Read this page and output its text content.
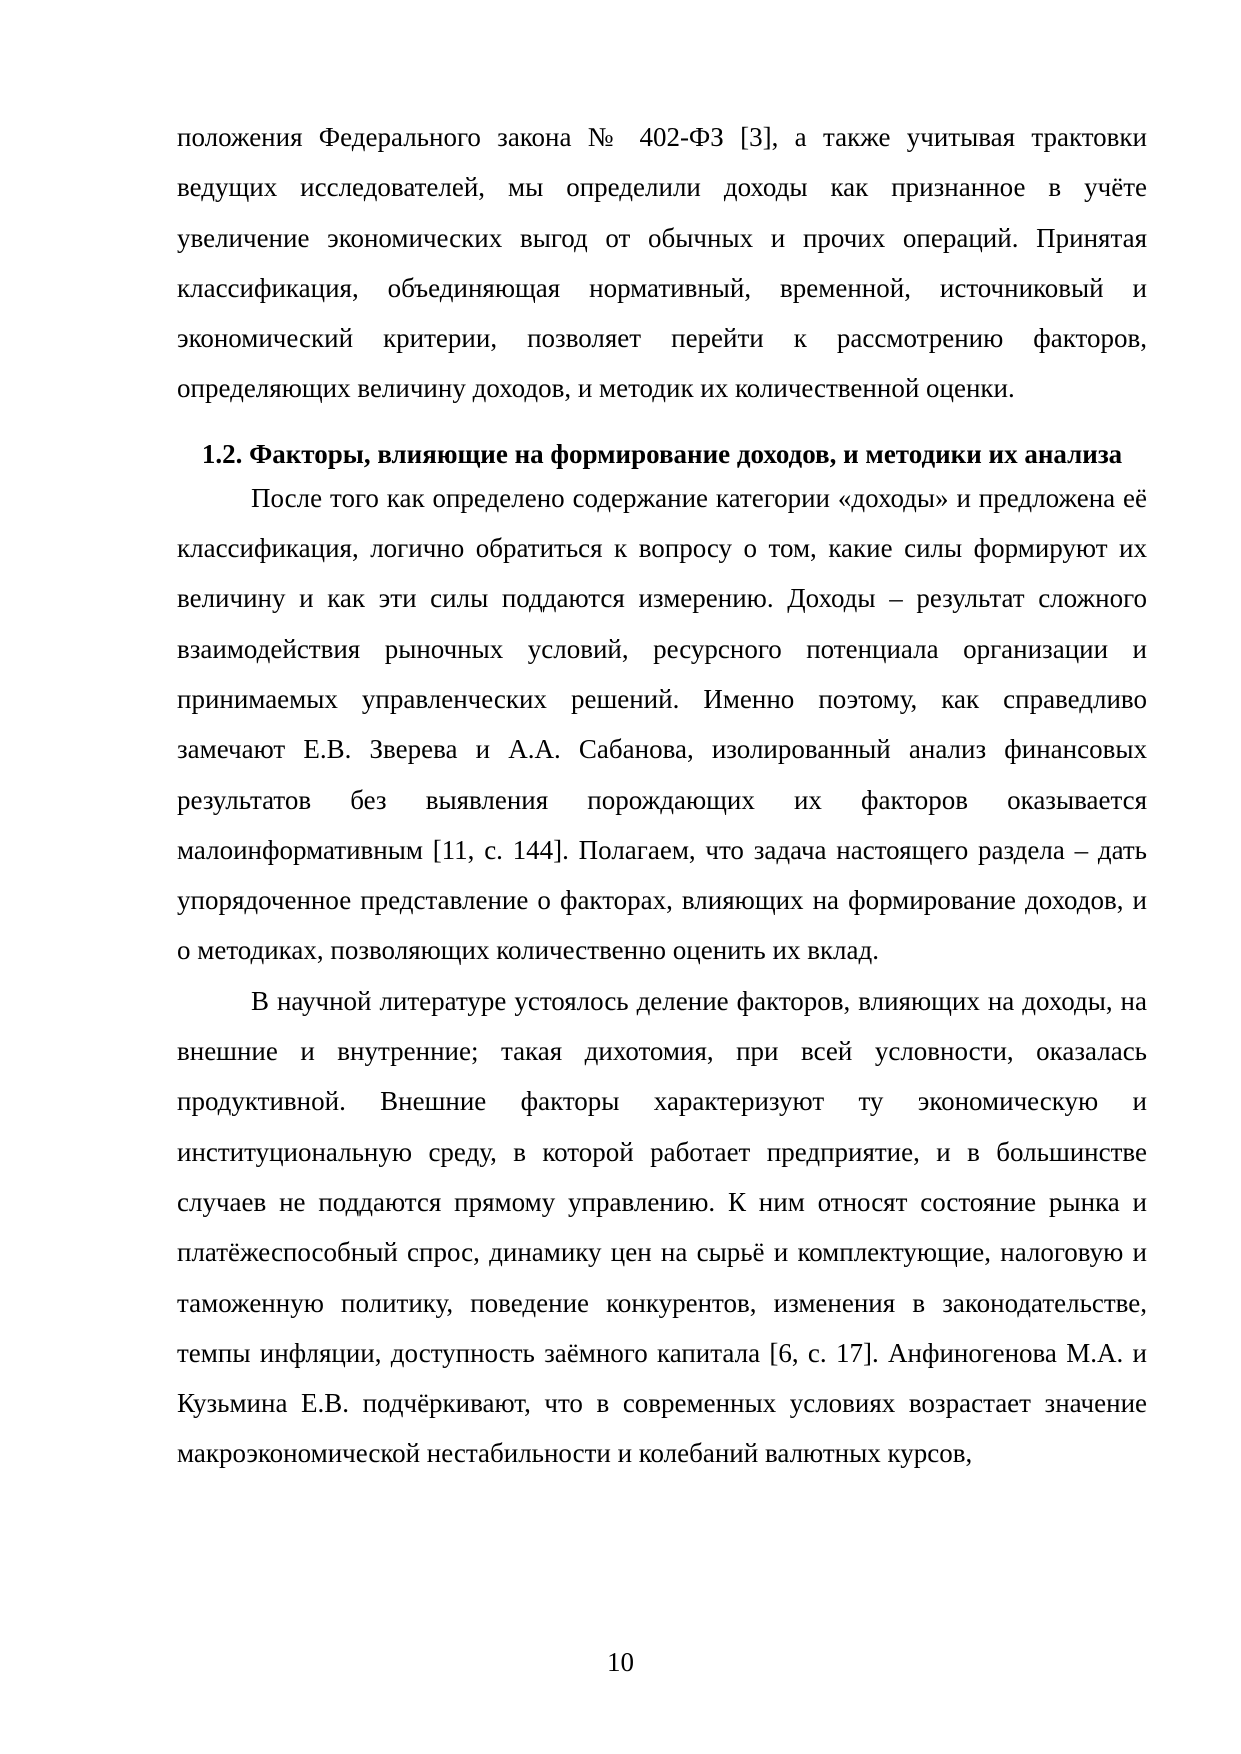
положения Федерального закона № 402-ФЗ [3], а также учитывая трактовки ведущих исследователей, мы определили доходы как признанное в учёте увеличение экономических выгод от обычных и прочих операций. Принятая классификация, объединяющая нормативный, временной, источниковый и экономический критерии, позволяет перейти к рассмотрению факторов, определяющих величину доходов, и методик их количественной оценки.

1.2. Факторы, влияющие на формирование доходов, и методики их анализа

После того как определено содержание категории «доходы» и предложена её классификация, логично обратиться к вопросу о том, какие силы формируют их величину и как эти силы поддаются измерению. Доходы – результат сложного взаимодействия рыночных условий, ресурсного потенциала организации и принимаемых управленческих решений. Именно поэтому, как справедливо замечают Е.В. Зверева и А.А. Сабанова, изолированный анализ финансовых результатов без выявления порождающих их факторов оказывается малоинформативным [11, с. 144]. Полагаем, что задача настоящего раздела – дать упорядоченное представление о факторах, влияющих на формирование доходов, и о методиках, позволяющих количественно оценить их вклад.

В научной литературе устоялось деление факторов, влияющих на доходы, на внешние и внутренние; такая дихотомия, при всей условности, оказалась продуктивной. Внешние факторы характеризуют ту экономическую и институциональную среду, в которой работает предприятие, и в большинстве случаев не поддаются прямому управлению. К ним относят состояние рынка и платёжеспособный спрос, динамику цен на сырьё и комплектующие, налоговую и таможенную политику, поведение конкурентов, изменения в законодательстве, темпы инфляции, доступность заёмного капитала [6, с. 17]. Анфиногенова М.А. и Кузьмина Е.В. подчёркивают, что в современных условиях возрастает значение макроэкономической нестабильности и колебаний валютных курсов,

10
